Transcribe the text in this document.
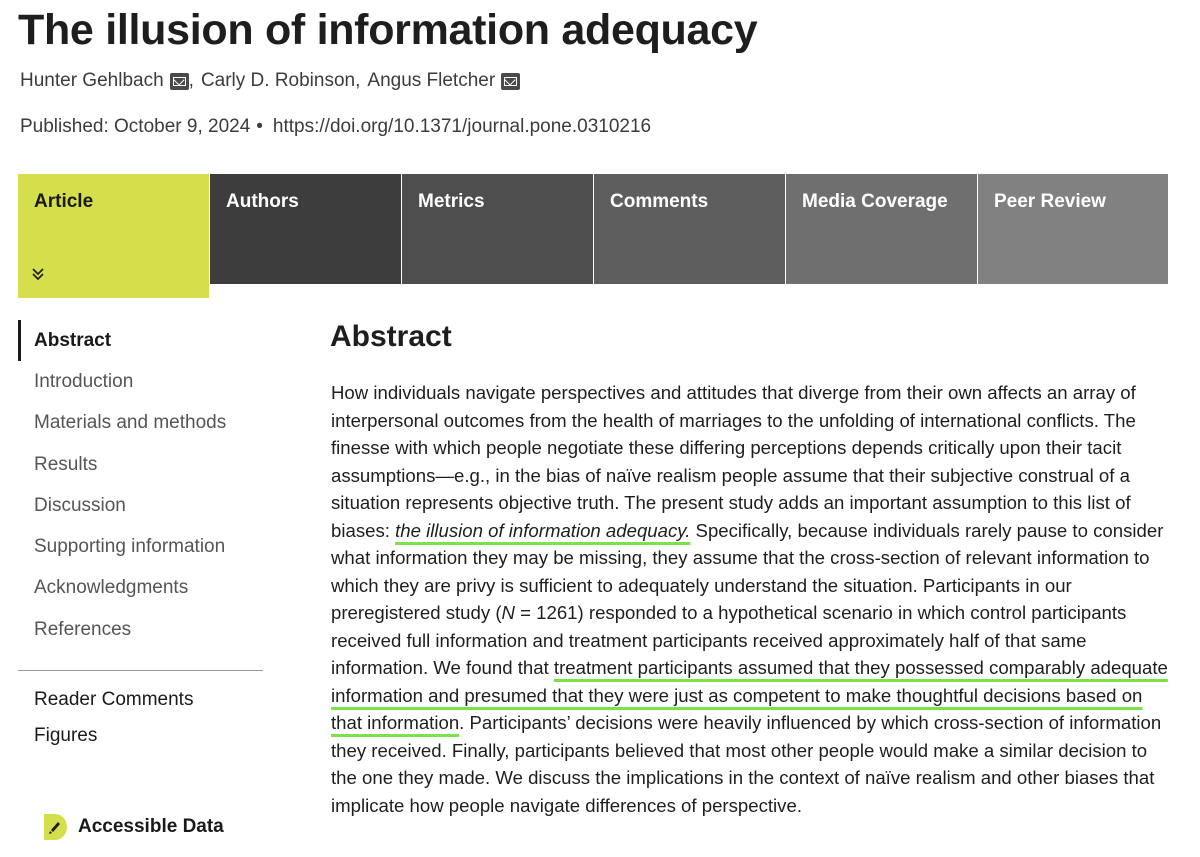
The illusion of information adequacy
Hunter Gehlbach , Carly D. Robinson , Angus Fletcher
Published: October 9, 2024 • https://doi.org/10.1371/journal.pone.0310216
Article	Authors	Metrics	Comments	Media Coverage	Peer Review
Abstract
Introduction
Materials and methods
Results
Discussion
Supporting information
Acknowledgments
References
Reader Comments
Figures
Accessible Data
Abstract

How individuals navigate perspectives and attitudes that diverge from their own affects an array of interpersonal outcomes from the health of marriages to the unfolding of international conflicts. The finesse with which people negotiate these differing perceptions depends critically upon their tacit assumptions—e.g., in the bias of naïve realism people assume that their subjective construal of a situation represents objective truth. The present study adds an important assumption to this list of biases: the illusion of information adequacy. Specifically, because individuals rarely pause to consider what information they may be missing, they assume that the cross-section of relevant information to which they are privy is sufficient to adequately understand the situation. Participants in our preregistered study (N = 1261) responded to a hypothetical scenario in which control participants received full information and treatment participants received approximately half of that same information. We found that treatment participants assumed that they possessed comparably adequate information and presumed that they were just as competent to make thoughtful decisions based on that information. Participants’ decisions were heavily influenced by which cross-section of information they received. Finally, participants believed that most other people would make a similar decision to the one they made. We discuss the implications in the context of naïve realism and other biases that implicate how people navigate differences of perspective.
